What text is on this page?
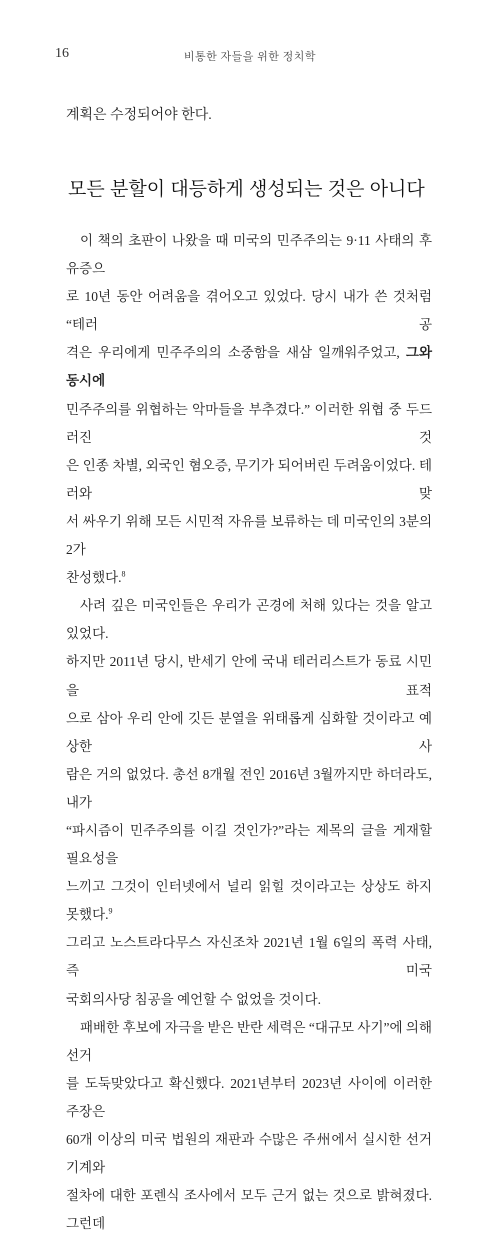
16	비통한 자들을 위한 정치학
계획은 수정되어야 한다.
모든 분할이 대등하게 생성되는 것은 아니다

이 책의 초판이 나왔을 때 미국의 민주주의는 9·11 사태의 후유증으
로 10년 동안 어려움을 겪어오고 있었다. 당시 내가 쓴 것처럼 “테러 공
격은 우리에게 민주주의의 소중함을 새삼 일깨워주었고, 그와 동시에
민주주의를 위협하는 악마들을 부추겼다.” 이러한 위협 중 두드러진 것
은 인종 차별, 외국인 혐오증, 무기가 되어버린 두려움이었다. 테러와 맞
서 싸우기 위해 모든 시민적 자유를 보류하는 데 미국인의 3분의 2가
찬성했다.$^8$

사려 깊은 미국인들은 우리가 곤경에 처해 있다는 것을 알고 있었다.
하지만 2011년 당시, 반세기 안에 국내 테러리스트가 동료 시민을 표적
으로 삼아 우리 안에 깃든 분열을 위태롭게 심화할 것이라고 예상한 사
람은 거의 없었다. 총선 8개월 전인 2016년 3월까지만 하더라도, 내가
“파시즘이 민주주의를 이길 것인가?”라는 제목의 글을 게재할 필요성을
느끼고 그것이 인터넷에서 널리 읽힐 것이라고는 상상도 하지 못했다.$^9$
그리고 노스트라다무스 자신조차 2021년 1월 6일의 폭력 사태, 즉 미국
국회의사당 침공을 예언할 수 없었을 것이다.

패배한 후보에 자극을 받은 반란 세력은 “대규모 사기”에 의해 선거
를 도둑맞았다고 확신했다. 2021년부터 2023년 사이에 이러한 주장은
60개 이상의 미국 법원의 재판과 수많은 주州에서 실시한 선거 기계와
절차에 대한 포렌식 조사에서 모두 근거 없는 것으로 밝혀졌다. 그런데
